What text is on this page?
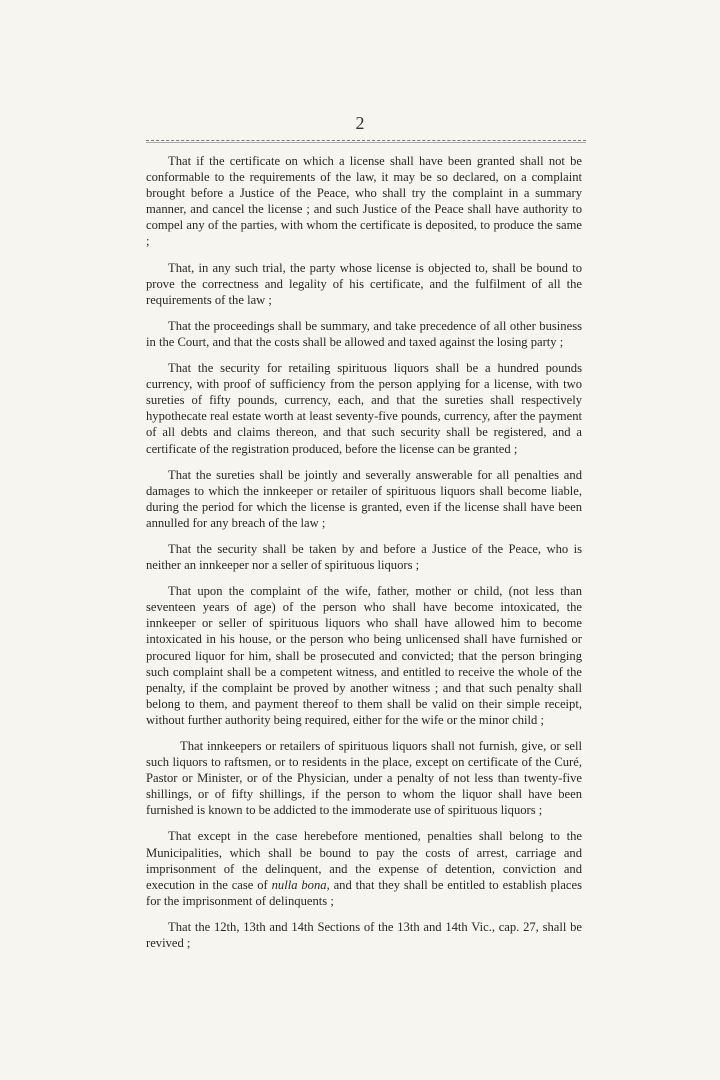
2

That if the certificate on which a license shall have been granted shall not be conformable to the requirements of the law, it may be so declared, on a complaint brought before a Justice of the Peace, who shall try the complaint in a summary manner, and cancel the license ; and such Justice of the Peace shall have authority to compel any of the parties, with whom the certificate is deposited, to produce the same ;

That, in any such trial, the party whose license is objected to, shall be bound to prove the correctness and legality of his certificate, and the fulfilment of all the requirements of the law ;

That the proceedings shall be summary, and take precedence of all other business in the Court, and that the costs shall be allowed and taxed against the losing party ;

That the security for retailing spirituous liquors shall be a hundred pounds currency, with proof of sufficiency from the person applying for a license, with two sureties of fifty pounds, currency, each, and that the sureties shall respectively hypothecate real estate worth at least seventy-five pounds, currency, after the payment of all debts and claims thereon, and that such security shall be registered, and a certificate of the registration produced, before the license can be granted ;

That the sureties shall be jointly and severally answerable for all penalties and damages to which the innkeeper or retailer of spirituous liquors shall become liable, during the period for which the license is granted, even if the license shall have been annulled for any breach of the law ;

That the security shall be taken by and before a Justice of the Peace, who is neither an innkeeper nor a seller of spirituous liquors ;

That upon the complaint of the wife, father, mother or child, (not less than seventeen years of age) of the person who shall have become intoxicated, the innkeeper or seller of spirituous liquors who shall have allowed him to become intoxicated in his house, or the person who being unlicensed shall have furnished or procured liquor for him, shall be prosecuted and convicted; that the person bringing such complaint shall be a competent witness, and entitled to receive the whole of the penalty, if the complaint be proved by another witness ; and that such penalty shall belong to them, and payment thereof to them shall be valid on their simple receipt, without further authority being required, either for the wife or the minor child ;

That innkeepers or retailers of spirituous liquors shall not furnish, give, or sell such liquors to raftsmen, or to residents in the place, except on certificate of the Curé, Pastor or Minister, or of the Physician, under a penalty of not less than twenty-five shillings, or of fifty shillings, if the person to whom the liquor shall have been furnished is known to be addicted to the immoderate use of spirituous liquors ;

That except in the case herebefore mentioned, penalties shall belong to the Municipalities, which shall be bound to pay the costs of arrest, carriage and imprisonment of the delinquent, and the expense of detention, conviction and execution in the case of nulla bona, and that they shall be entitled to establish places for the imprisonment of delinquents ;

That the 12th, 13th and 14th Sections of the 13th and 14th Vic., cap. 27, shall be revived ;
